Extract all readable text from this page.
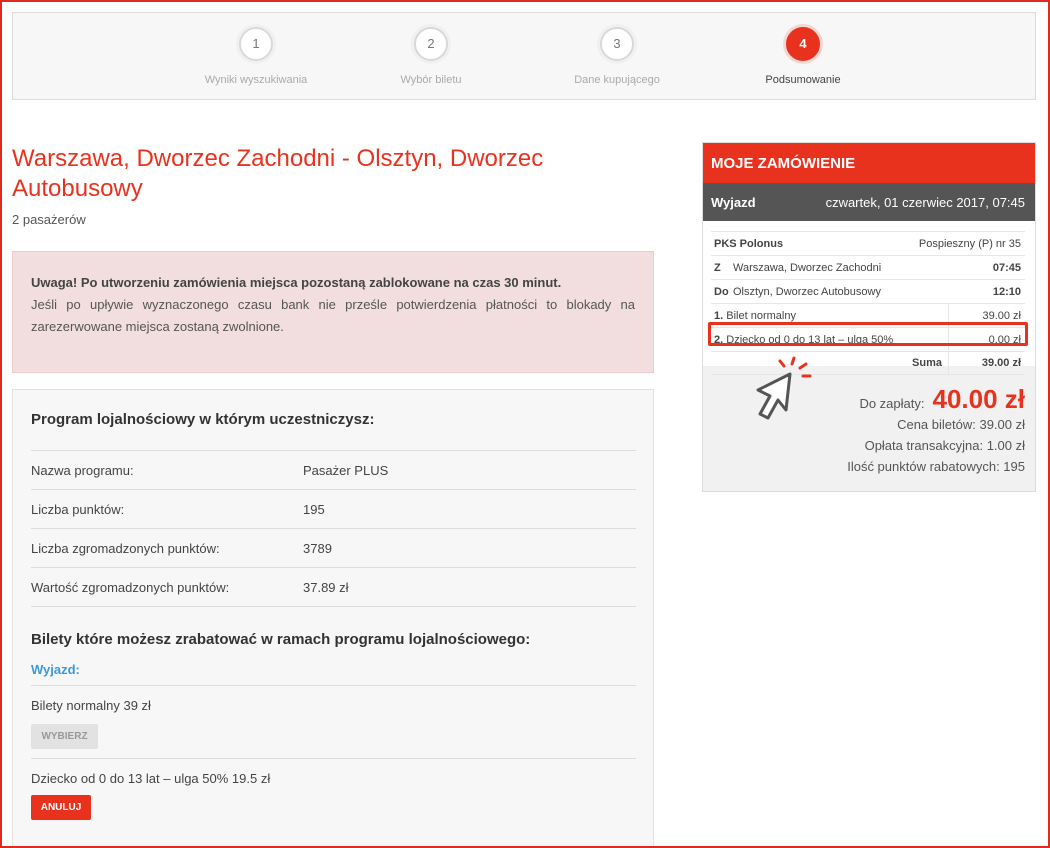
1
Wyniki wyszukiwania
2
Wybór biletu
3
Dane kupującego
4
Podsumowanie
Warszawa, Dworzec Zachodni - Olsztyn, Dworzec Autobusowy
2 pasażerów
Uwaga! Po utworzeniu zamówienia miejsca pozostaną zablokowane na czas 30 minut.
Jeśli po upływie wyznaczonego czasu bank nie prześle potwierdzenia płatności to blokady na zarezerwowane miejsca zostaną zwolnione.
Program lojalnościowy w którym uczestniczysz:
Nazwa programu:	Pasażer PLUS
Liczba punktów:	195
Liczba zgromadzonych punktów:	3789
Wartość zgromadzonych punktów:	37.89 zł
Bilety które możesz zrabatować w ramach programu lojalnościowego:
Wyjazd:
Bilety normalny 39 zł
WYBIERZ
Dziecko od 0 do 13 lat – ulga 50% 19.5 zł
ANULUJ
MOJE ZAMÓWIENIE
Wyjazd	czwartek, 01 czerwiec 2017, 07:45
PKS Polonus	Pospieszny (P) nr 35
Z	Warszawa, Dworzec Zachodni	07:45
Do Olsztyn, Dworzec Autobusowy	12:10
1. Bilet normalny	39.00 zł
2. Dziecko od 0 do 13 lat – ulga 50%	0.00 zł
Suma	39.00 zł
Do zapłaty: 40.00 zł
Cena biletów: 39.00 zł
Opłata transakcyjna: 1.00 zł
Ilość punktów rabatowych: 195
